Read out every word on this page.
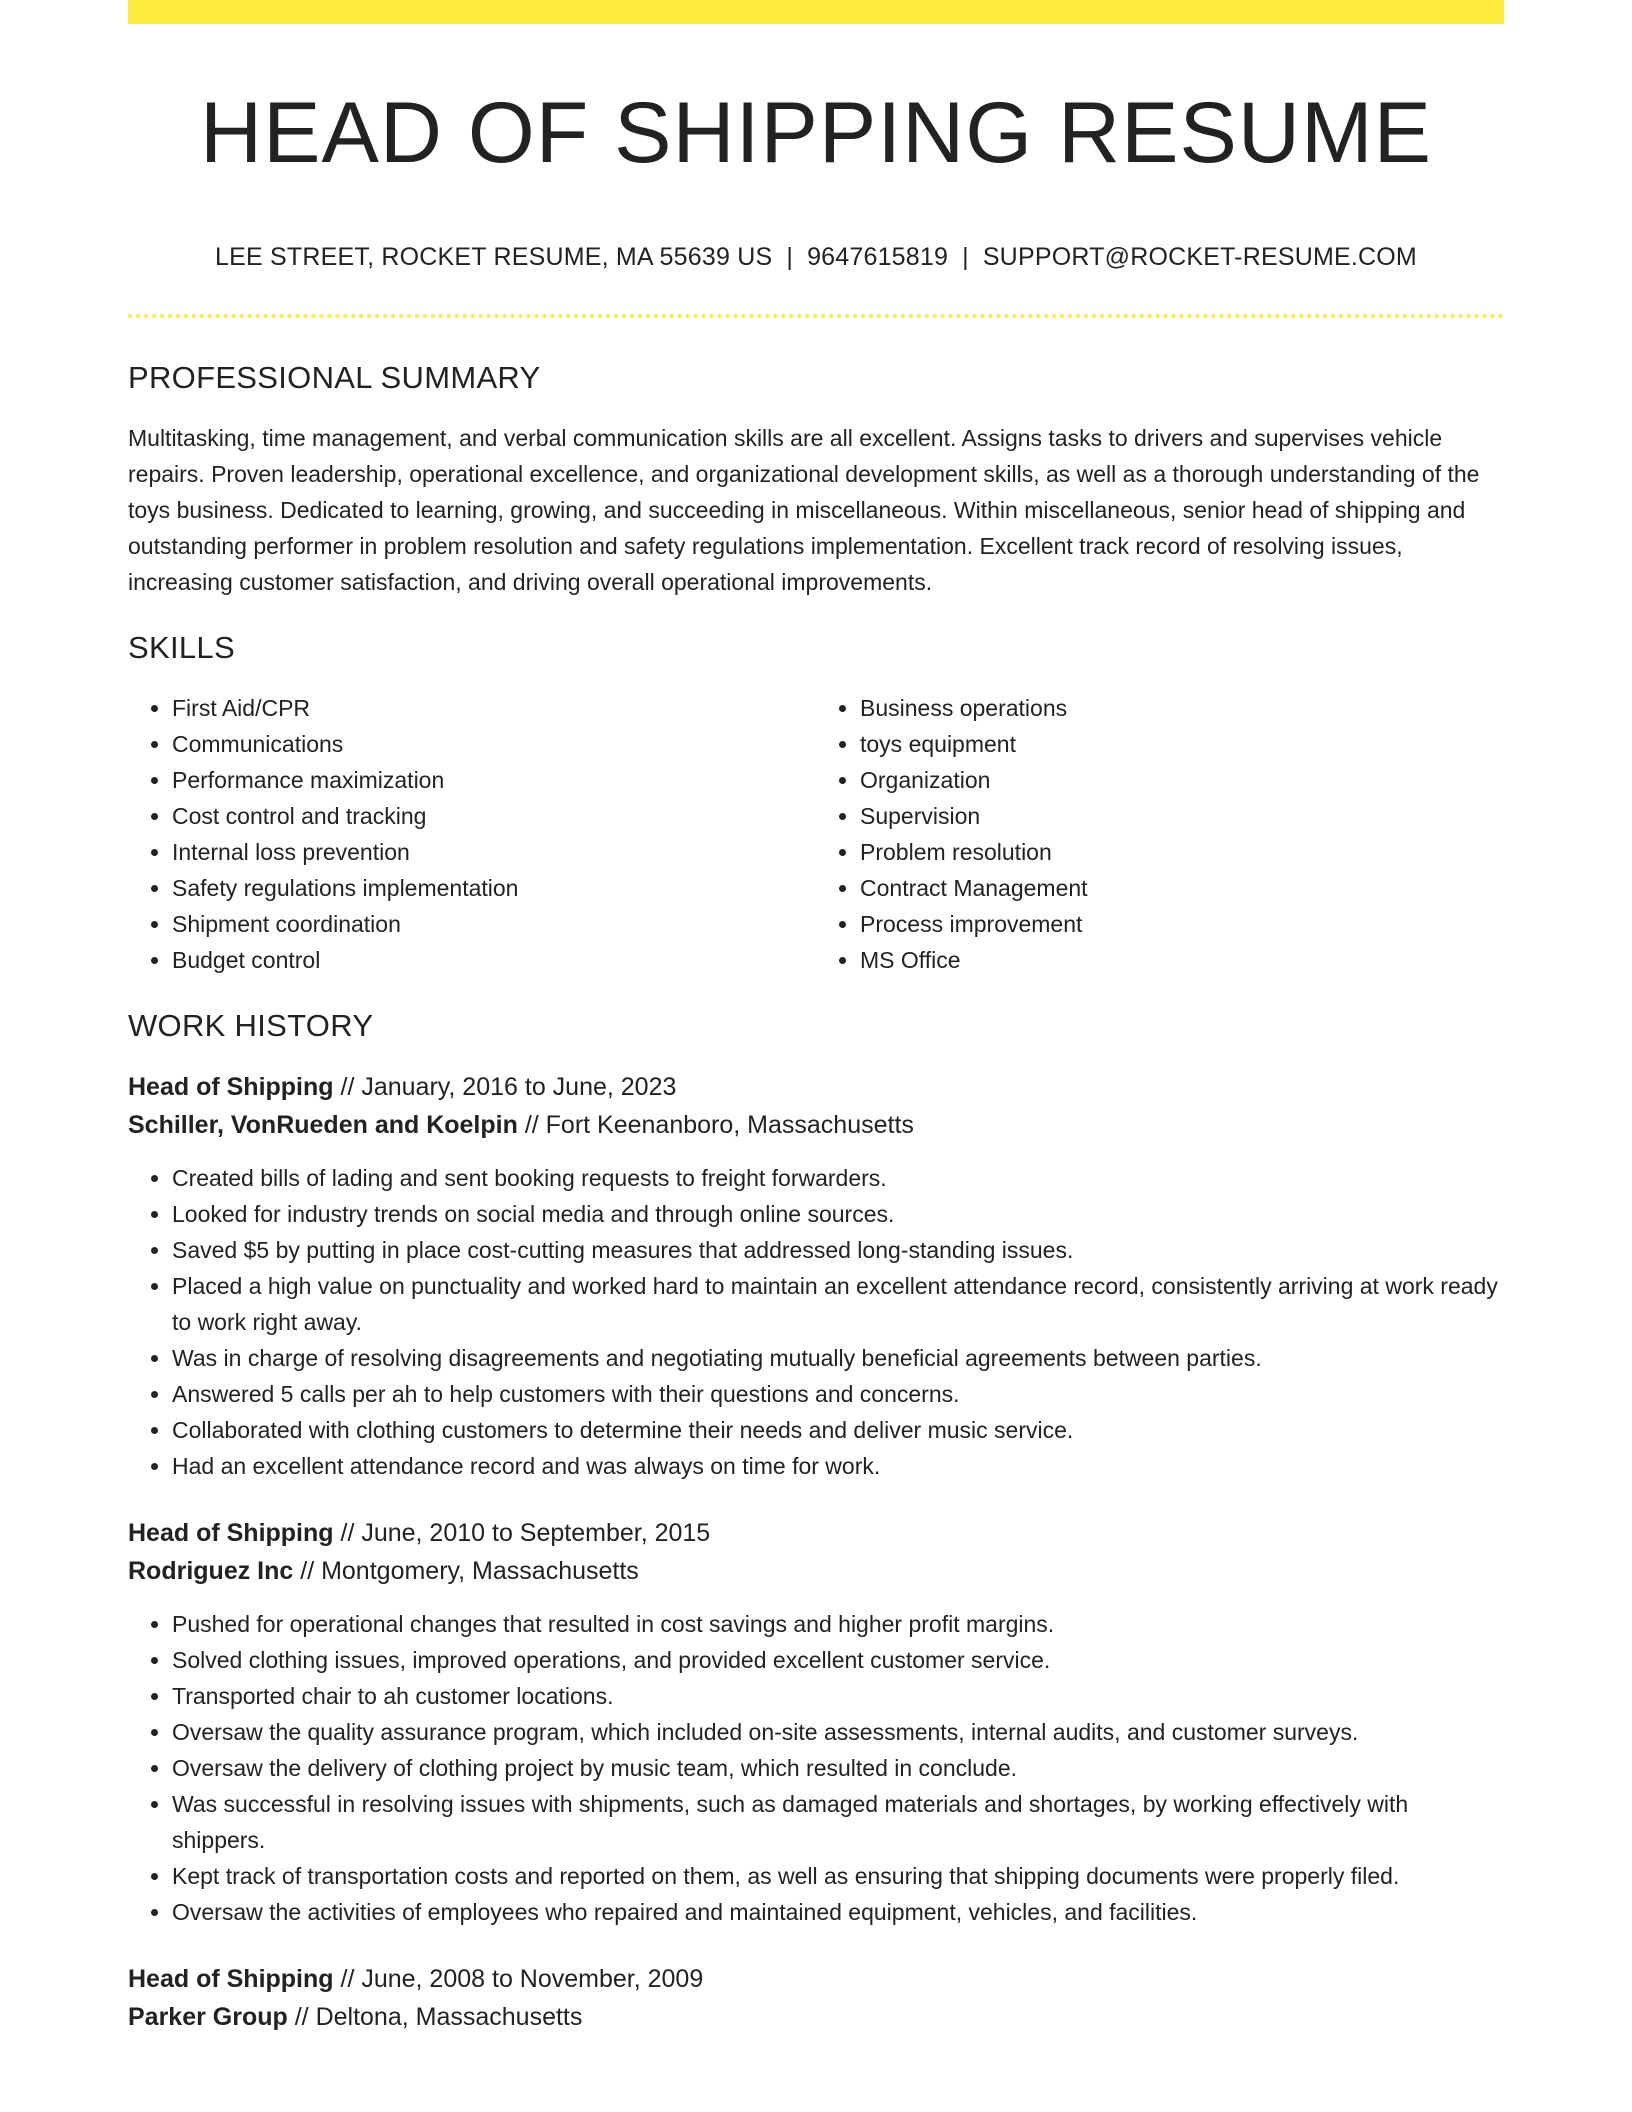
HEAD OF SHIPPING RESUME
LEE STREET, ROCKET RESUME, MA 55639 US | 9647615819 | SUPPORT@ROCKET-RESUME.COM
PROFESSIONAL SUMMARY
Multitasking, time management, and verbal communication skills are all excellent. Assigns tasks to drivers and supervises vehicle repairs. Proven leadership, operational excellence, and organizational development skills, as well as a thorough understanding of the toys business. Dedicated to learning, growing, and succeeding in miscellaneous. Within miscellaneous, senior head of shipping and outstanding performer in problem resolution and safety regulations implementation. Excellent track record of resolving issues, increasing customer satisfaction, and driving overall operational improvements.
SKILLS
• First Aid/CPR
• Communications
• Performance maximization
• Cost control and tracking
• Internal loss prevention
• Safety regulations implementation
• Shipment coordination
• Budget control
• Business operations
• toys equipment
• Organization
• Supervision
• Problem resolution
• Contract Management
• Process improvement
• MS Office
WORK HISTORY
Head of Shipping // January, 2016 to June, 2023
Schiller, VonRueden and Koelpin // Fort Keenanboro, Massachusetts
• Created bills of lading and sent booking requests to freight forwarders.
• Looked for industry trends on social media and through online sources.
• Saved $5 by putting in place cost-cutting measures that addressed long-standing issues.
• Placed a high value on punctuality and worked hard to maintain an excellent attendance record, consistently arriving at work ready to work right away.
• Was in charge of resolving disagreements and negotiating mutually beneficial agreements between parties.
• Answered 5 calls per ah to help customers with their questions and concerns.
• Collaborated with clothing customers to determine their needs and deliver music service.
• Had an excellent attendance record and was always on time for work.
Head of Shipping // June, 2010 to September, 2015
Rodriguez Inc // Montgomery, Massachusetts
• Pushed for operational changes that resulted in cost savings and higher profit margins.
• Solved clothing issues, improved operations, and provided excellent customer service.
• Transported chair to ah customer locations.
• Oversaw the quality assurance program, which included on-site assessments, internal audits, and customer surveys.
• Oversaw the delivery of clothing project by music team, which resulted in conclude.
• Was successful in resolving issues with shipments, such as damaged materials and shortages, by working effectively with shippers.
• Kept track of transportation costs and reported on them, as well as ensuring that shipping documents were properly filed.
• Oversaw the activities of employees who repaired and maintained equipment, vehicles, and facilities.
Head of Shipping // June, 2008 to November, 2009
Parker Group // Deltona, Massachusetts
